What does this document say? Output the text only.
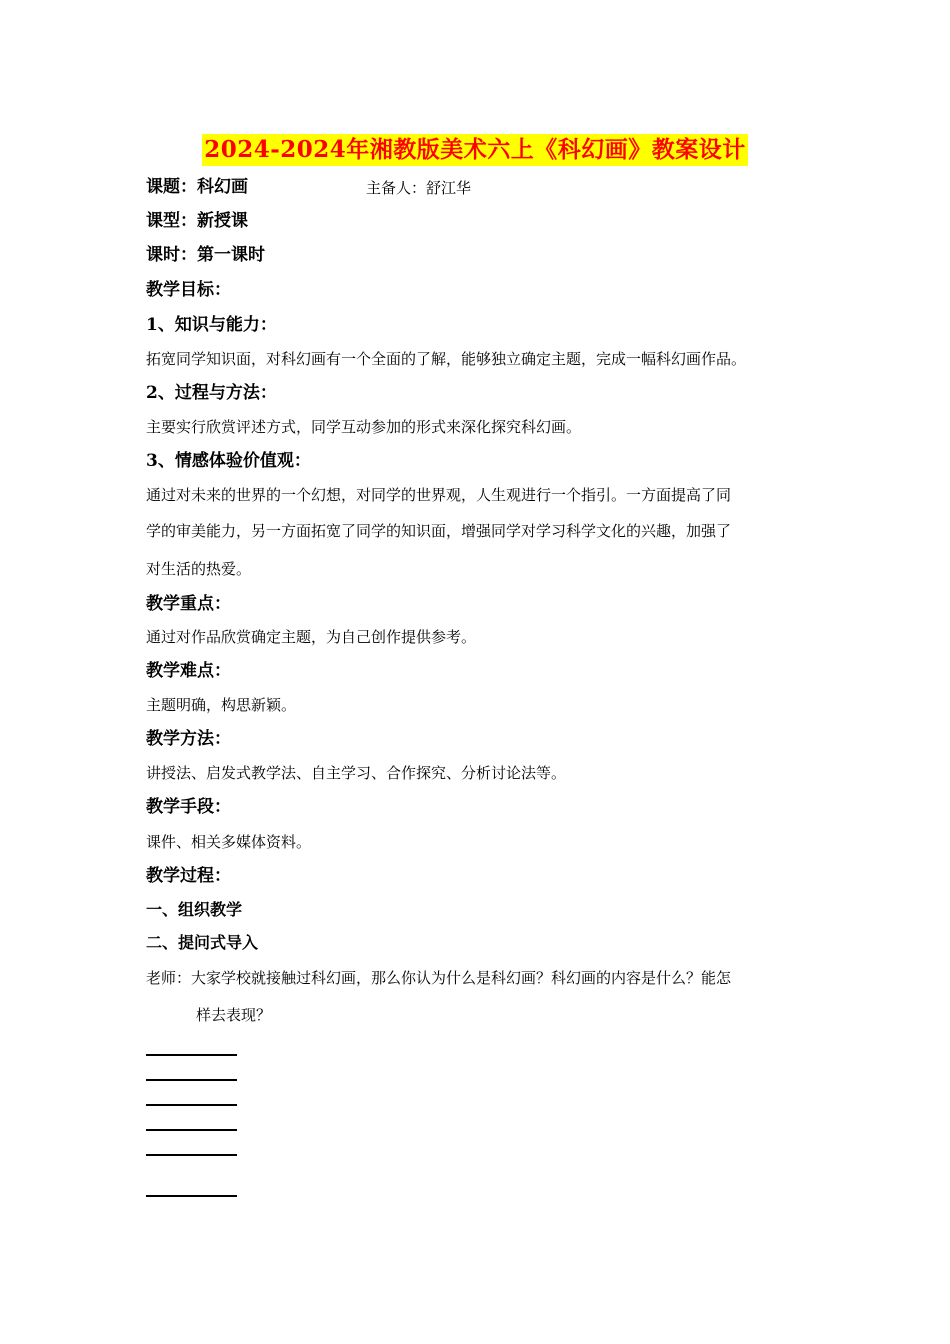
2024-2024年湘教版美术六上《科幻画》教案设计
课题：科幻画	主备人：舒江华
课型：新授课
课时：第一课时
教学目标：
1、知识与能力：
拓宽同学知识面，对科幻画有一个全面的了解，能够独立确定主题，完成一幅科幻画作品。
2、过程与方法：
主要实行欣赏评述方式，同学互动参加的形式来深化探究科幻画。
3、情感体验价值观：
通过对未来的世界的一个幻想，对同学的世界观，人生观进行一个指引。一方面提高了同
学的审美能力，另一方面拓宽了同学的知识面，增强同学对学习科学文化的兴趣，加强了
对生活的热爱。
教学重点：
通过对作品欣赏确定主题，为自己创作提供参考。
教学难点：
主题明确，构思新颖。
教学方法：
讲授法、启发式教学法、自主学习、合作探究、分析讨论法等。
教学手段：
课件、相关多媒体资料。
教学过程：
一、组织教学
二、提问式导入
老师：大家学校就接触过科幻画，那么你认为什么是科幻画？科幻画的内容是什么？能怎
样去表现？
